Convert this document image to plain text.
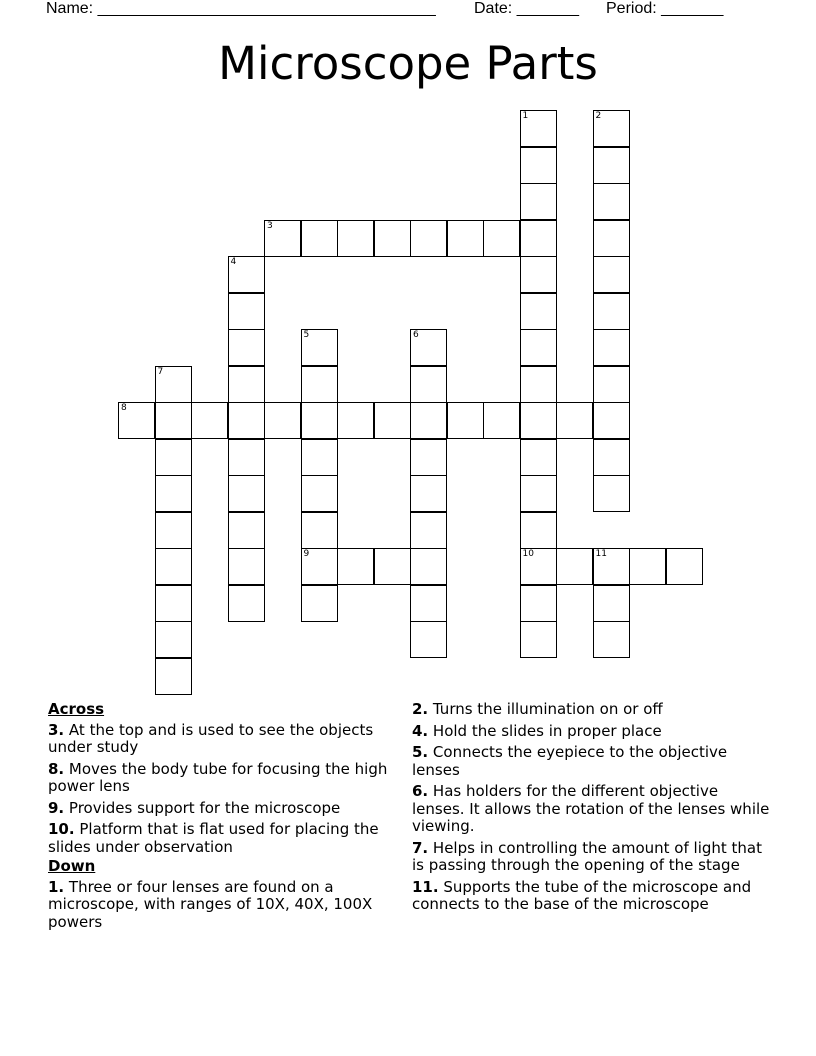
Name: ______________________________________ Date: _______ Period: _______
Microscope Parts
1
10
2
3
4
5
9
6
7
8
11
Across
3. At the top and is used to see the objects under study
8. Moves the body tube for focusing the high power lens
9. Provides support for the microscope
10. Platform that is flat used for placing the slides under observation
Down
1. Three or four lenses are found on a microscope, with ranges of 10X, 40X, 100X powers
2. Turns the illumination on or off
4. Hold the slides in proper place
5. Connects the eyepiece to the objective lenses
6. Has holders for the different objective lenses. It allows the rotation of the lenses while viewing.
7. Helps in controlling the amount of light that is passing through the opening of the stage
11. Supports the tube of the microscope and connects to the base of the microscope
